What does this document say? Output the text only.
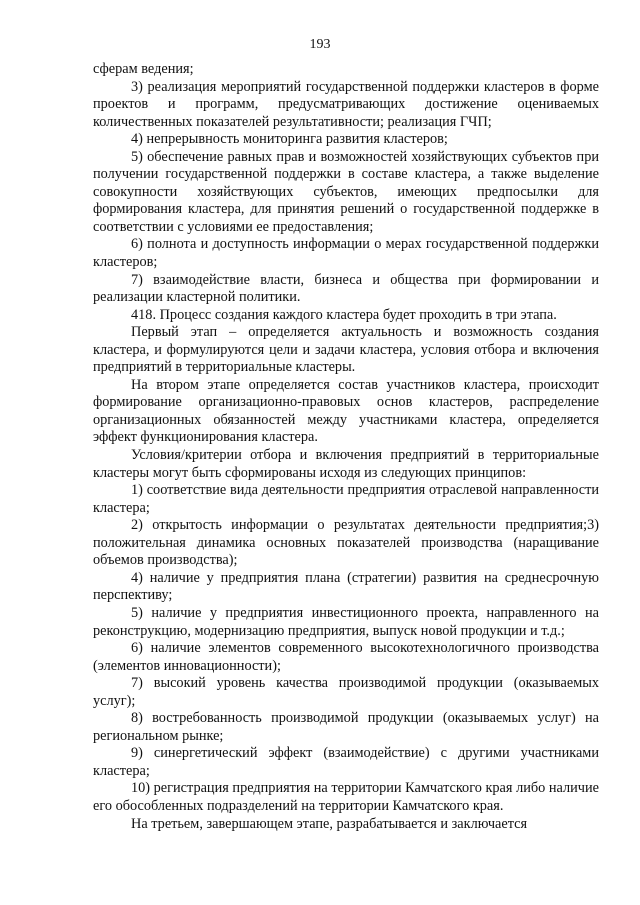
193

сферам ведения;

3) реализация мероприятий государственной поддержки кластеров в форме проектов и программ, предусматривающих достижение оцениваемых количественных показателей результативности; реализация ГЧП;

4) непрерывность мониторинга развития кластеров;

5) обеспечение равных прав и возможностей хозяйствующих субъектов при получении государственной поддержки в составе кластера, а также выделение совокупности хозяйствующих субъектов, имеющих предпосылки для формирования кластера, для принятия решений о государственной поддержке в соответствии с условиями ее предоставления;

6) полнота и доступность информации о мерах государственной поддержки кластеров;

7) взаимодействие власти, бизнеса и общества при формировании и реализации кластерной политики.

418. Процесс создания каждого кластера будет проходить в три этапа.

Первый этап – определяется актуальность и возможность создания кластера, и формулируются цели и задачи кластера, условия отбора и включения предприятий в территориальные кластеры.

На втором этапе определяется состав участников кластера, происходит формирование организационно-правовых основ кластеров, распределение организационных обязанностей между участниками кластера, определяется эффект функционирования кластера.

Условия/критерии отбора и включения предприятий в территориальные кластеры могут быть сформированы исходя из следующих принципов:

1) соответствие вида деятельности предприятия отраслевой направленности кластера;

2) открытость информации о результатах деятельности предприятия;3) положительная динамика основных показателей производства (наращивание объемов производства);

4) наличие у предприятия плана (стратегии) развития на среднесрочную перспективу;

5) наличие у предприятия инвестиционного проекта, направленного на реконструкцию, модернизацию предприятия, выпуск новой продукции и т.д.;

6) наличие элементов современного высокотехнологичного производства (элементов инновационности);

7) высокий уровень качества производимой продукции (оказываемых услуг);

8) востребованность производимой продукции (оказываемых услуг) на региональном рынке;

9) синергетический эффект (взаимодействие) с другими участниками кластера;

10) регистрация предприятия на территории Камчатского края либо наличие его обособленных подразделений на территории Камчатского края.

На третьем, завершающем этапе, разрабатывается и заключается
